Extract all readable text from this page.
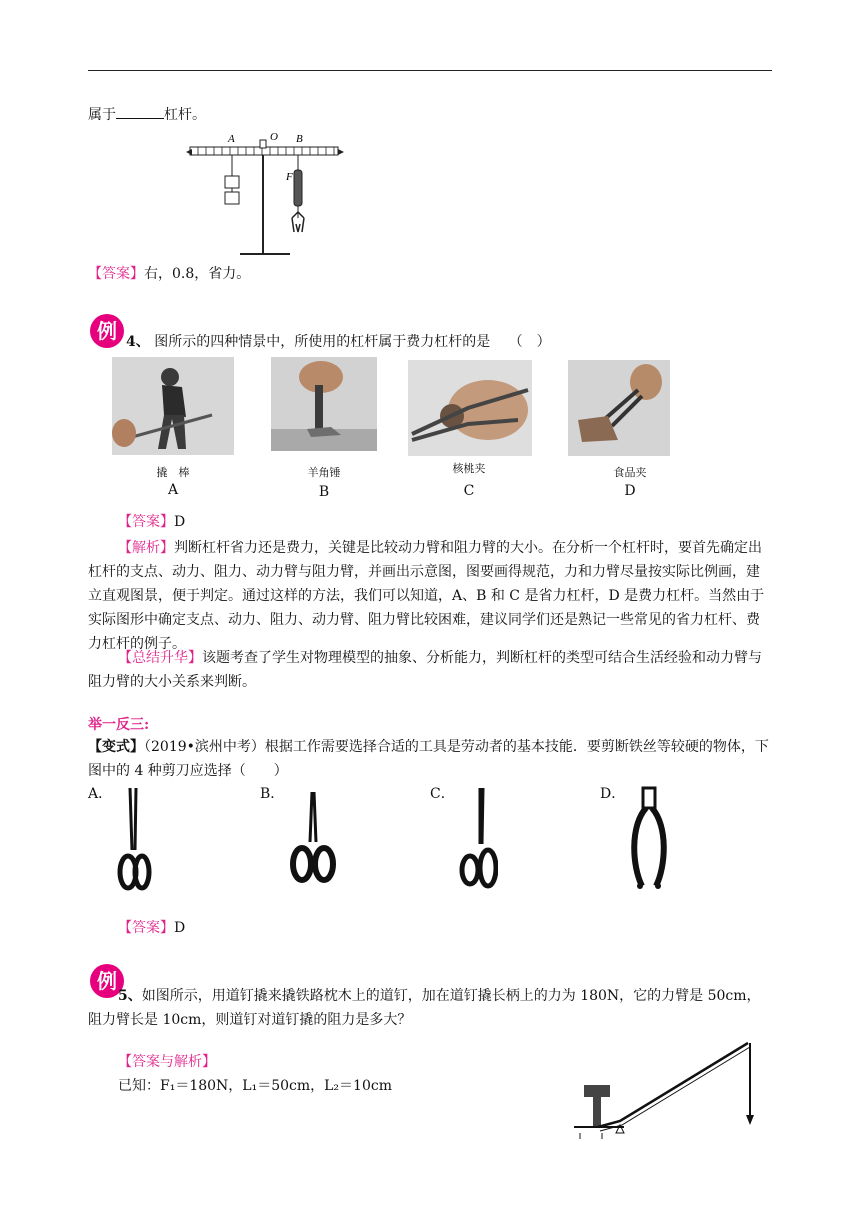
属于	杠杆。
A	O B
F
【答案】右，0.8，省力。
例 4、 图所示的四种情景中，所使用的杠杆属于费力杠杆的是 （　）
撬　棒	羊角锤	核桃夹	食品夹
A	B	C	D
【答案】D
【解析】判断杠杆省力还是费力，关键是比较动力臂和阻力臂的大小。在分析一个杠杆时，要首先确定出杠杆的支点、动力、阻力、动力臂与阻力臂，并画出示意图，图要画得规范，力和力臂尽量按实际比例画，建立直观图景，便于判定。通过这样的方法，我们可以知道，A、B 和 C 是省力杠杆，D 是费力杠杆。当然由于实际图形中确定支点、动力、阻力、动力臂、阻力臂比较困难，建议同学们还是熟记一些常见的省力杠杆、费力杠杆的例子。
【总结升华】该题考查了学生对物理模型的抽象、分析能力，判断杠杆的类型可结合生活经验和动力臂与阻力臂的大小关系来判断。
举一反三:
【变式】（2019•滨州中考）根据工作需要选择合适的工具是劳动者的基本技能．要剪断铁丝等较硬的物体，下图中的 4 种剪刀应选择（　　）
A．	B．	C．	D．
【答案】D
例
5、如图所示，用道钉撬来撬铁路枕木上的道钉，加在道钉撬长柄上的力为 180N，它的力臂是 50cm，阻力臂长是 10cm，则道钉对道钉撬的阻力是多大？
【答案与解析】
已知：F₁＝180N，L₁＝50cm，L₂＝10cm
